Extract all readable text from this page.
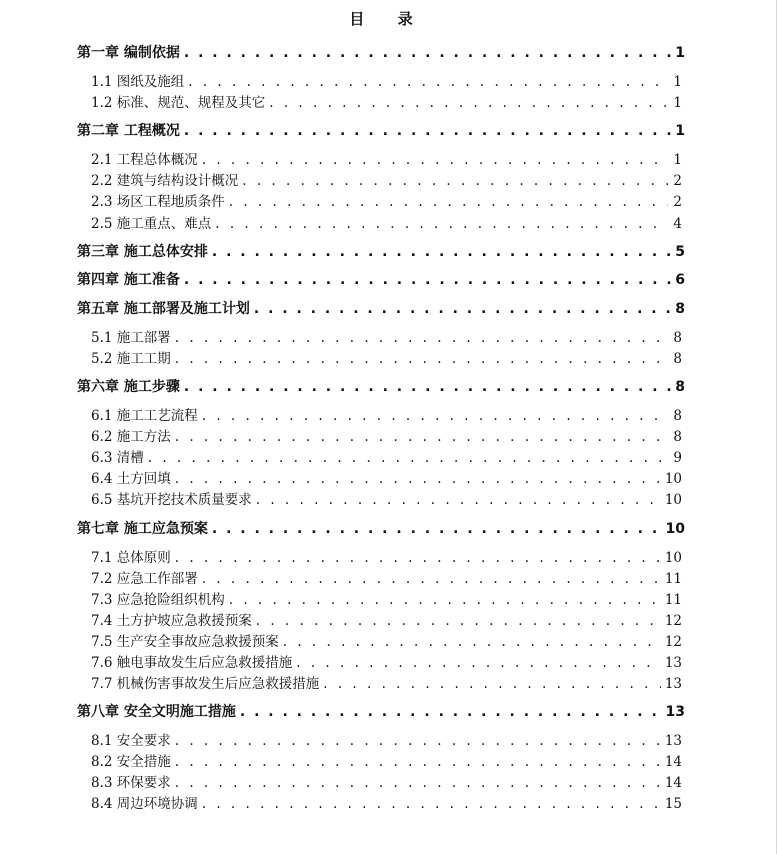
目 录
第一章 编制依据 . . .	1
1.1 图纸及施组 . . .	1
1.2 标准、规范、规程及其它 . . .	1
第二章 工程概况 . . .	1
2.1 工程总体概况 . . .	1
2.2 建筑与结构设计概况 . . .	2
2.3 场区工程地质条件 . . .	2
2.5 施工重点、难点 . . .	4
第三章 施工总体安排 . . .	5
第四章 施工准备 . . .	6
第五章 施工部署及施工计划 . . .	8
5.1 施工部署 . . .	8
5.2 施工工期 . . .	8
第六章 施工步骤 . . .	8
6.1 施工工艺流程 . . .	8
6.2 施工方法 . . .	8
6.3 清槽 . . .	9
6.4 土方回填 . . .	10
6.5 基坑开挖技术质量要求 . . .	10
第七章 施工应急预案 . . .	10
7.1 总体原则 . . .	10
7.2 应急工作部署 . . .	11
7.3 应急抢险组织机构 . . .	11
7.4 土方护坡应急救援预案 . . .	12
7.5 生产安全事故应急救援预案 . . .	12
7.6 触电事故发生后应急救援措施 . . .	13
7.7 机械伤害事故发生后应急救援措施 . . .	13
第八章 安全文明施工措施 . . .	13
8.1 安全要求 . . .	13
8.2 安全措施 . . .	14
8.3 环保要求 . . .	14
8.4 周边环境协调 . . .	15
